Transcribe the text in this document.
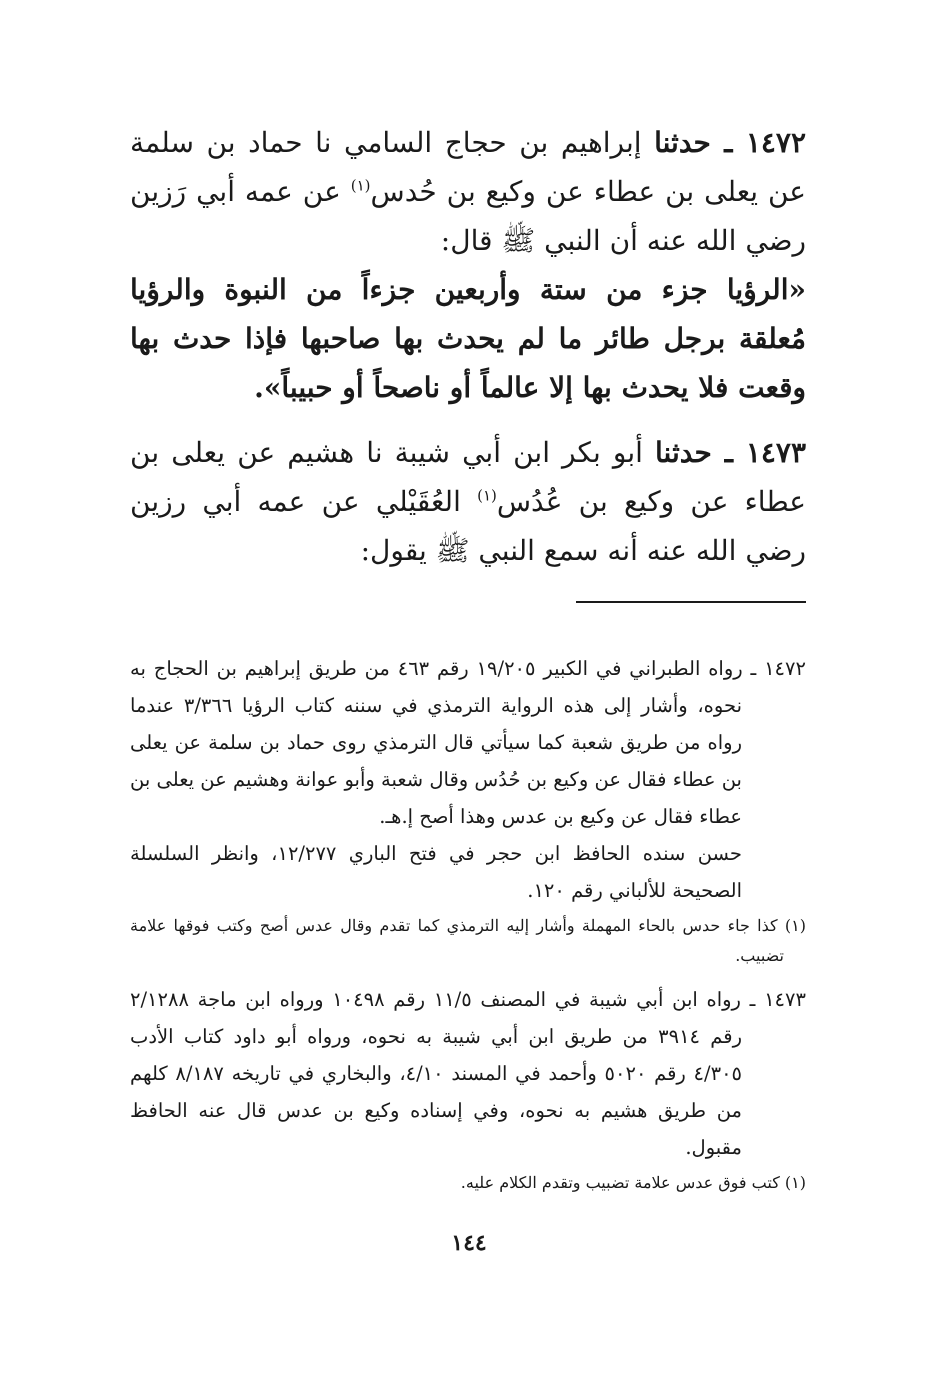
١٤٧٢ ـ حدثنا إبراهيم بن حجاج السامي نا حماد بن سلمة عن يعلى بن عطاء عن وكيع بن حُدس$^{(١)}$ عن عمه أبي رَزين رضي الله عنه أن النبي ﷺ قال:

«الرؤيا جزء من ستة وأربعين جزءاً من النبوة والرؤيا مُعلقة برجل طائر ما لم يحدث بها صاحبها فإذا حدث بها وقعت فلا يحدث بها إلا عالماً أو ناصحاً أو حبيباً».

١٤٧٣ ـ حدثنا أبو بكر ابن أبي شيبة نا هشيم عن يعلى بن عطاء عن وكيع بن عُدُس$^{(١)}$ العُقَيْلي عن عمه أبي رزين رضي الله عنه أنه سمع النبي ﷺ يقول:

١٤٧٢ ـ رواه الطبراني في الكبير ١٩/٢٠٥ رقم ٤٦٣ من طريق إبراهيم بن الحجاج به نحوه، وأشار إلى هذه الرواية الترمذي في سننه كتاب الرؤيا ٣/٣٦٦ عندما رواه من طريق شعبة كما سيأتي قال الترمذي روى حماد بن سلمة عن يعلى بن عطاء فقال عن وكيع بن حُدُس وقال شعبة وأبو عوانة وهشيم عن يعلى بن عطاء فقال عن وكيع بن عدس وهذا أصح إ.هـ.

حسن سنده الحافظ ابن حجر في فتح الباري ١٢/٢٧٧، وانظر السلسلة الصحيحة للألباني رقم ١٢٠.

(١) كذا جاء حدس بالحاء المهملة وأشار إليه الترمذي كما تقدم وقال عدس أصح وكتب فوقها علامة تضبيب.

١٤٧٣ ـ رواه ابن أبي شيبة في المصنف ١١/٥ رقم ١٠٤٩٨ ورواه ابن ماجة ٢/١٢٨٨ رقم ٣٩١٤ من طريق ابن أبي شيبة به نحوه، ورواه أبو داود كتاب الأدب ٤/٣٠٥ رقم ٥٠٢٠ وأحمد في المسند ٤/١٠، والبخاري في تاريخه ٨/١٨٧ كلهم من طريق هشيم به نحوه، وفي إسناده وكيع بن عدس قال عنه الحافظ مقبول.

(١) كتب فوق عدس علامة تضبيب وتقدم الكلام عليه.

١٤٤
